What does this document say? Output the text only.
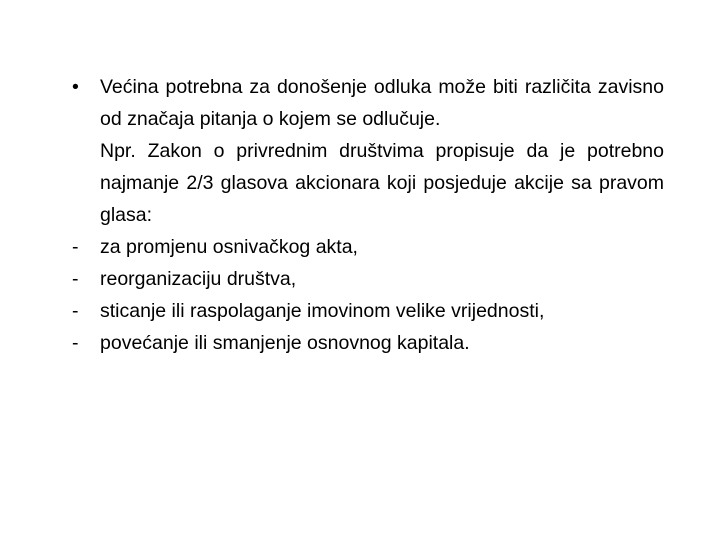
•	Većina potrebna za donošenje odluka može biti različita zavisno od značaja pitanja o kojem se odlučuje.
Npr. Zakon o privrednim društvima propisuje da je potrebno najmanje 2/3 glasova akcionara koji posjeduje akcije sa pravom glasa:
- za promjenu osnivačkog akta,
- reorganizaciju društva,
- sticanje ili raspolaganje imovinom velike vrijednosti,
- povećanje ili smanjenje osnovnog kapitala.
